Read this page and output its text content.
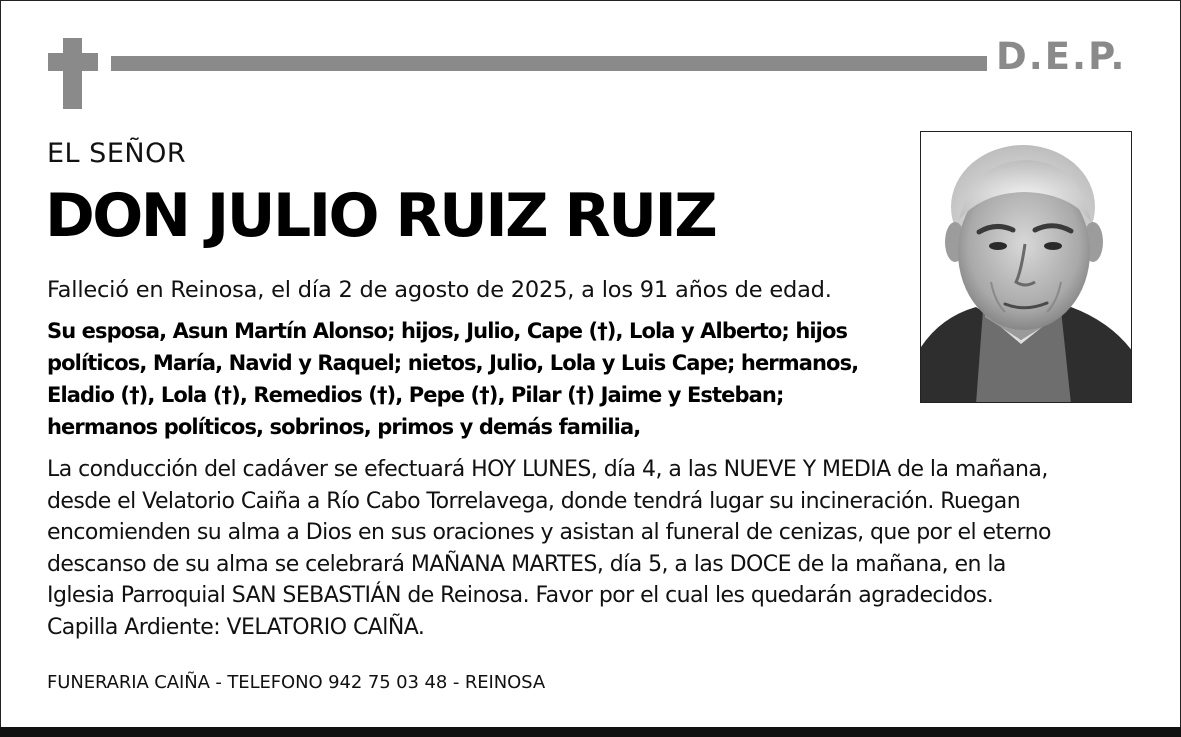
D.E.P.
EL SEÑOR
DON JULIO RUIZ RUIZ
Falleció en Reinosa, el día 2 de agosto de 2025, a los 91 años de edad.
Su esposa, Asun Martín Alonso; hijos, Julio, Cape (†), Lola y Alberto; hijos
políticos, María, Navid y Raquel; nietos, Julio, Lola y Luis Cape; hermanos,
Eladio (†), Lola (†), Remedios (†), Pepe (†), Pilar (†) Jaime y Esteban;
hermanos políticos, sobrinos, primos y demás familia,
La conducción del cadáver se efectuará HOY LUNES, día 4, a las NUEVE Y MEDIA de la mañana,
desde el Velatorio Caiña a Río Cabo Torrelavega, donde tendrá lugar su incineración. Ruegan
encomienden su alma a Dios en sus oraciones y asistan al funeral de cenizas, que por el eterno
descanso de su alma se celebrará MAÑANA MARTES, día 5, a las DOCE de la mañana, en la
Iglesia Parroquial SAN SEBASTIÁN de Reinosa. Favor por el cual les quedarán agradecidos.
Capilla Ardiente: VELATORIO CAlÑA.
FUNERARIA CAIÑA - TELEFONO 942 75 03 48 - REINOSA
